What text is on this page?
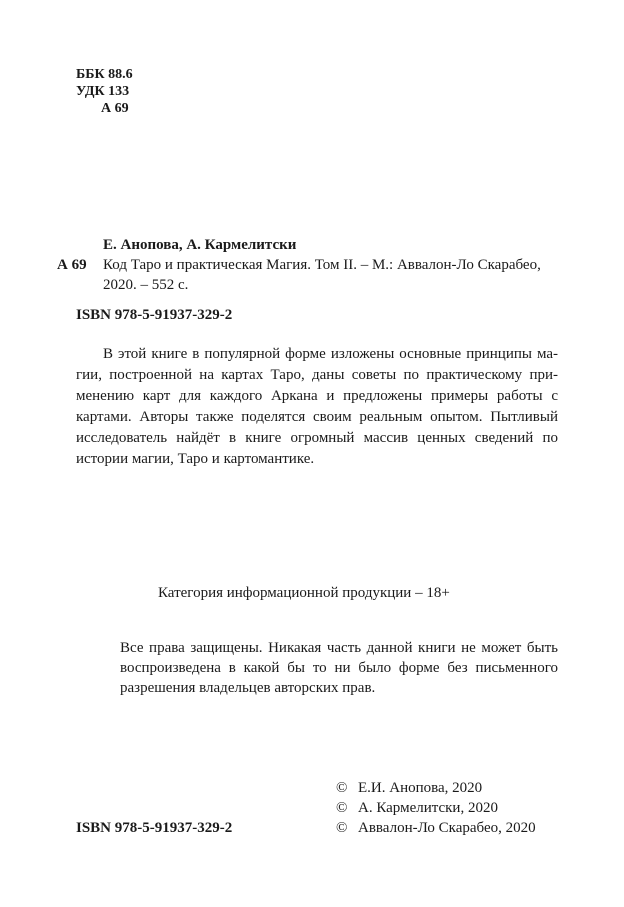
ББК 88.6
УДК 133
А 69
Е. Анопова, А. Кармелитски
А 69 Код Таро и практическая Магия. Том II. – М.: Аввалон-Ло Скарабео,
2020. – 552 с.
ISBN 978-5-91937-329-2
В этой книге в популярной форме изложены основные принципы ма-
гии, построенной на картах Таро, даны советы по практическому при-
менению карт для каждого Аркана и предложены примеры работы с
картами. Авторы также поделятся своим реальным опытом. Пытливый
исследователь найдёт в книге огромный массив ценных сведений по
истории магии, Таро и картомантике.
Категория информационной продукции – 18+
Все права защищены. Никакая часть данной книги не может быть
воспроизведена в какой бы то ни было форме без письменного
разрешения владельцев авторских прав.
ISBN 978-5-91937-329-2
© Е.И. Анопова, 2020
© А. Кармелитски, 2020
© Аввалон-Ло Скарабео, 2020
